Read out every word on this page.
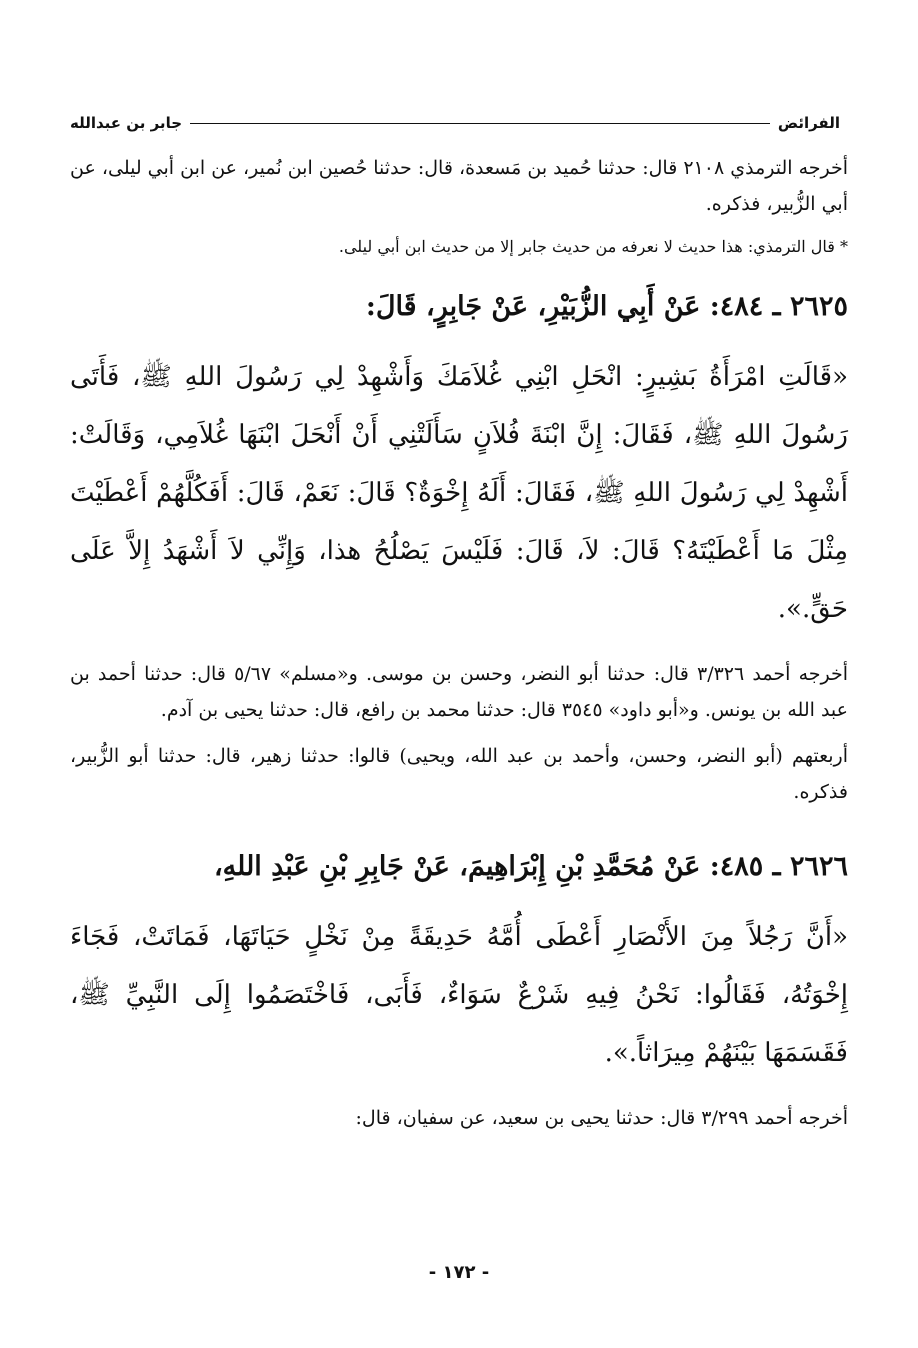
الفرائض
جابر بن عبدالله

أخرجه الترمذي ٢١٠٨ قال: حدثنا حُميد بن مَسعدة، قال: حدثنا حُصين ابن نُمير، عن ابن أبي ليلى، عن أبي الزُّبير، فذكره.

* قال الترمذي: هذا حديث لا نعرفه من حديث جابر إلا من حديث ابن أبي ليلى.

٢٦٢٥ ـ ٤٨٤: عَنْ أَبِي الزُّبَيْرِ، عَنْ جَابِرٍ، قَالَ:

«قَالَتِ امْرَأَةُ بَشِيرٍ: انْحَلِ ابْنِي غُلاَمَكَ وَأَشْهِدْ لِي رَسُولَ اللهِ ﷺ، فَأَتَى رَسُولَ اللهِ ﷺ، فَقَالَ: إِنَّ ابْنَةَ فُلاَنٍ سَأَلَتْنِي أَنْ أَنْحَلَ ابْنَهَا غُلاَمِي، وَقَالَتْ: أَشْهِدْ لِي رَسُولَ اللهِ ﷺ، فَقَالَ: أَلَهُ إِخْوَةٌ؟ قَالَ: نَعَمْ، قَالَ: أَفَكُلَّهُمْ أَعْطَيْتَ مِثْلَ مَا أَعْطَيْتَهُ؟ قَالَ: لاَ، قَالَ: فَلَيْسَ يَصْلُحُ هذا، وَإِنِّي لاَ أَشْهَدُ إِلاَّ عَلَى حَقٍّ.».

أخرجه أحمد ٣/٣٢٦ قال: حدثنا أبو النضر، وحسن بن موسى. و«مسلم» ٥/٦٧ قال: حدثنا أحمد بن عبد الله بن يونس. و«أبو داود» ٣٥٤٥ قال: حدثنا محمد بن رافع، قال: حدثنا يحيى بن آدم.

أربعتهم (أبو النضر، وحسن، وأحمد بن عبد الله، ويحيى) قالوا: حدثنا زهير، قال: حدثنا أبو الزُّبير، فذكره.

٢٦٢٦ ـ ٤٨٥: عَنْ مُحَمَّدِ بْنِ إِبْرَاهِيمَ، عَنْ جَابِرِ بْنِ عَبْدِ اللهِ،

«أَنَّ رَجُلاً مِنَ الأَنْصَارِ أَعْطَى أُمَّهُ حَدِيقَةً مِنْ نَخْلٍ حَيَاتَهَا، فَمَاتَتْ، فَجَاءَ إِخْوَتُهُ، فَقَالُوا: نَحْنُ فِيهِ شَرْعٌ سَوَاءٌ، فَأَبَى، فَاخْتَصَمُوا إِلَى النَّبِيِّ ﷺ، فَقَسَمَهَا بَيْنَهُمْ مِيرَاثاً.».

أخرجه أحمد ٣/٢٩٩ قال: حدثنا يحيى بن سعيد، عن سفيان، قال:

- ١٧٢ -
